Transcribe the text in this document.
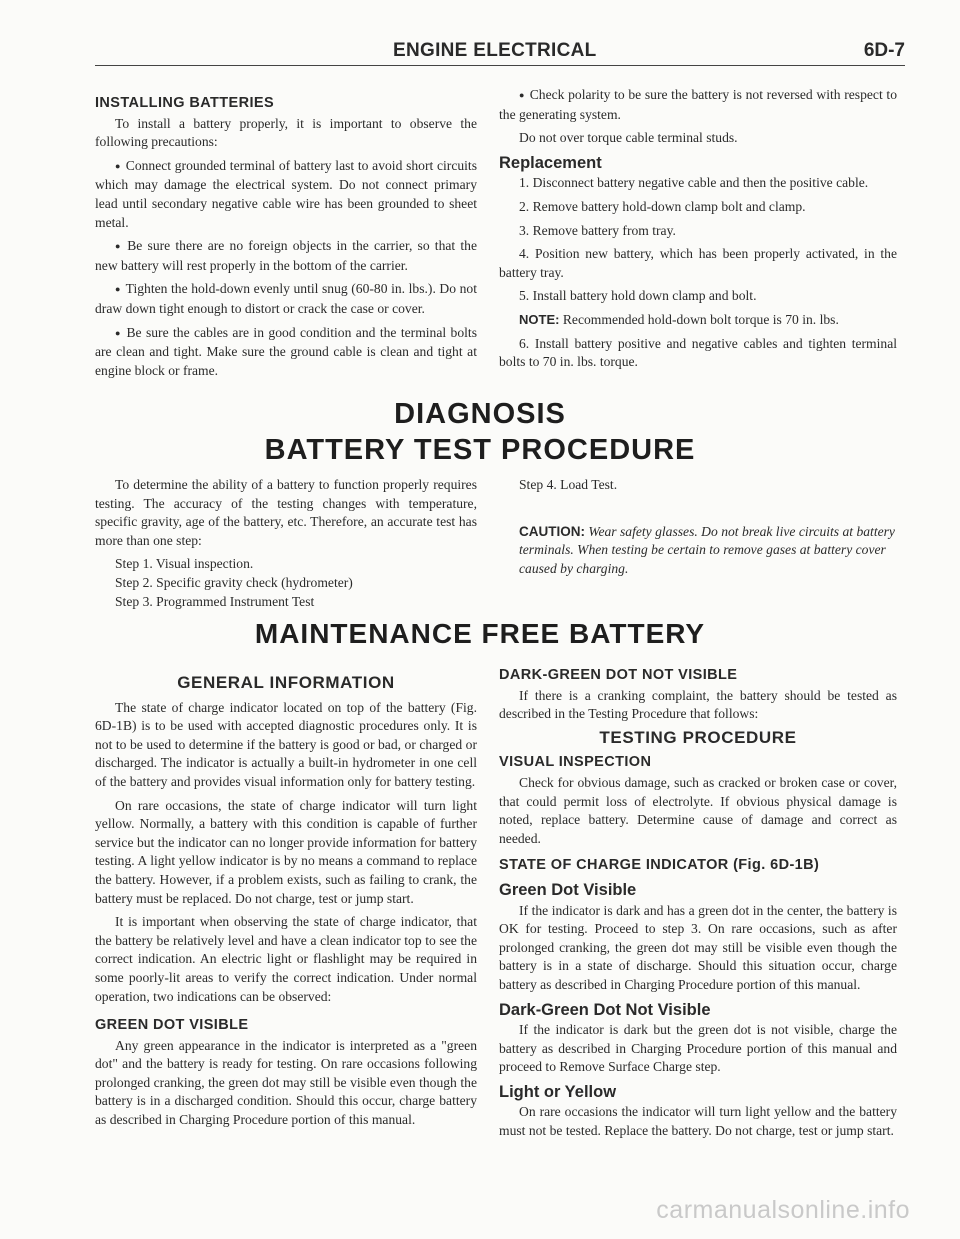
ENGINE ELECTRICAL	6D-7
INSTALLING BATTERIES

To install a battery properly, it is important to observe the following precautions:

● Connect grounded terminal of battery last to avoid short circuits which may damage the electrical system. Do not connect primary lead until secondary negative cable wire has been grounded to sheet metal.

● Be sure there are no foreign objects in the carrier, so that the new battery will rest properly in the bottom of the carrier.

● Tighten the hold-down evenly until snug (60-80 in. lbs.). Do not draw down tight enough to distort or crack the case or cover.

● Be sure the cables are in good condition and the terminal bolts are clean and tight. Make sure the ground cable is clean and tight at engine block or frame.

● Check polarity to be sure the battery is not reversed with respect to the generating system.

Do not over torque cable terminal studs.

Replacement

1. Disconnect battery negative cable and then the positive cable.

2. Remove battery hold-down clamp bolt and clamp.

3. Remove battery from tray.

4. Position new battery, which has been properly activated, in the battery tray.

5. Install battery hold down clamp and bolt.

NOTE: Recommended hold-down bolt torque is 70 in. lbs.

6. Install battery positive and negative cables and tighten terminal bolts to 70 in. lbs. torque.

DIAGNOSIS
BATTERY TEST PROCEDURE

To determine the ability of a battery to function properly requires testing. The accuracy of the testing changes with temperature, specific gravity, age of the battery, etc. Therefore, an accurate test has more than one step:

Step 1. Visual inspection.

Step 2. Specific gravity check (hydrometer)

Step 3. Programmed Instrument Test

Step 4. Load Test.

CAUTION: Wear safety glasses. Do not break live circuits at battery terminals. When testing be certain to remove gases at battery cover caused by charging.

MAINTENANCE FREE BATTERY
GENERAL INFORMATION

The state of charge indicator located on top of the battery (Fig. 6D-1B) is to be used with accepted diagnostic procedures only. It is not to be used to determine if the battery is good or bad, or charged or discharged. The indicator is actually a built-in hydrometer in one cell of the battery and provides visual information only for battery testing.

On rare occasions, the state of charge indicator will turn light yellow. Normally, a battery with this condition is capable of further service but the indicator can no longer provide information for battery testing. A light yellow indicator is by no means a command to replace the battery. However, if a problem exists, such as failing to crank, the battery must be replaced. Do not charge, test or jump start.

It is important when observing the state of charge indicator, that the battery be relatively level and have a clean indicator top to see the correct indication. An electric light or flashlight may be required in some poorly-lit areas to verify the correct indication. Under normal operation, two indications can be observed:

GREEN DOT VISIBLE

Any green appearance in the indicator is interpreted as a "green dot" and the battery is ready for testing. On rare occasions following prolonged cranking, the green dot may still be visible even though the battery is in a discharged condition. Should this occur, charge battery as described in Charging Procedure portion of this manual.

DARK-GREEN DOT NOT VISIBLE

If there is a cranking complaint, the battery should be tested as described in the Testing Procedure that follows:

TESTING PROCEDURE
VISUAL INSPECTION

Check for obvious damage, such as cracked or broken case or cover, that could permit loss of electrolyte. If obvious physical damage is noted, replace battery. Determine cause of damage and correct as needed.

STATE OF CHARGE INDICATOR (Fig. 6D-1B)
Green Dot Visible

If the indicator is dark and has a green dot in the center, the battery is OK for testing. Proceed to step 3. On rare occasions, such as after prolonged cranking, the green dot may still be visible even though the battery is in a state of discharge. Should this situation occur, charge battery as described in Charging Procedure portion of this manual.

Dark-Green Dot Not Visible

If the indicator is dark but the green dot is not visible, charge the battery as described in Charging Procedure portion of this manual and proceed to Remove Surface Charge step.

Light or Yellow

On rare occasions the indicator will turn light yellow and the battery must not be tested. Replace the battery. Do not charge, test or jump start.

carmanualsonline.info
